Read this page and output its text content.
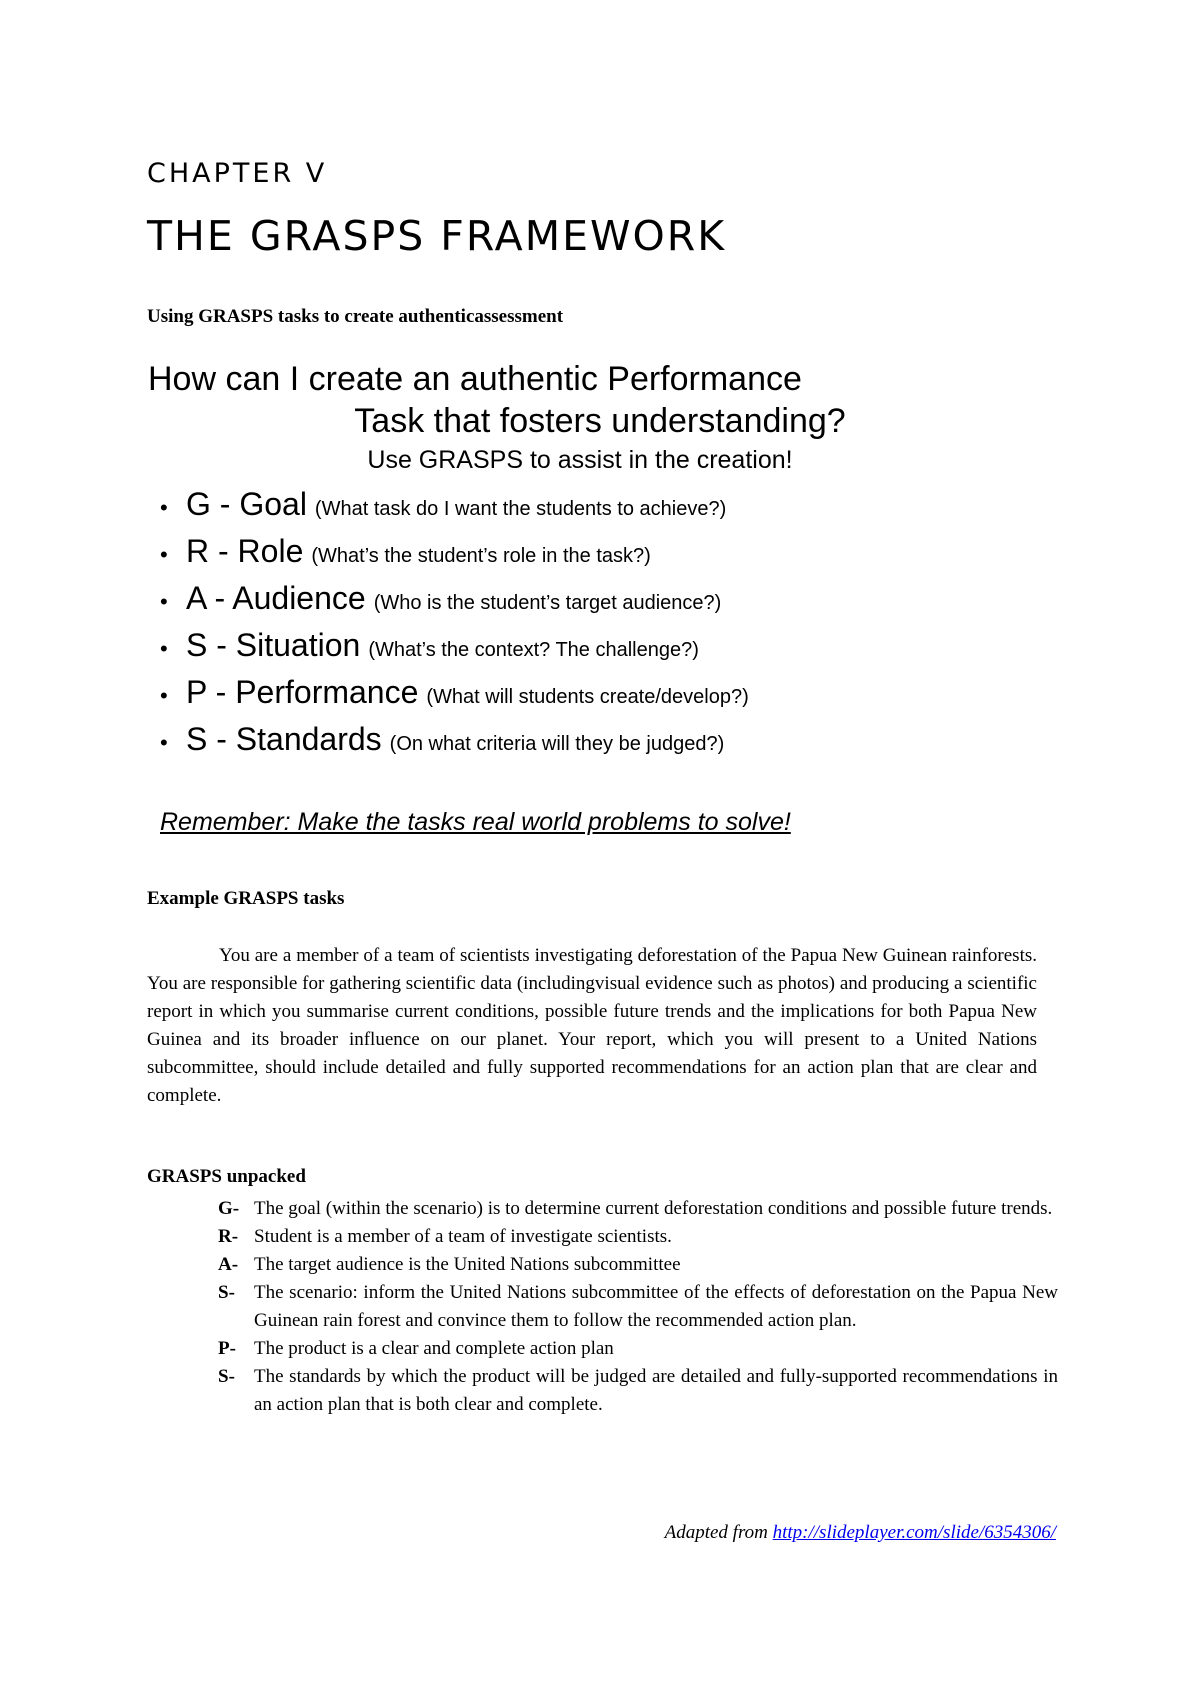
CHAPTER V
THE GRASPS FRAMEWORK
Using GRASPS tasks to create authenticassessment

How can I create an authentic Performance

Task that fosters understanding?

Use GRASPS to assist in the creation!

• G - Goal (What task do I want the students to achieve?)
• R - Role (What’s the student’s role in the task?)
• A - Audience (Who is the student’s target audience?)
• S - Situation (What’s the context? The challenge?)
• P - Performance (What will students create/develop?)
• S - Standards (On what criteria will they be judged?)
Remember: Make the tasks real world problems to solve!
Example GRASPS tasks

You are a member of a team of scientists investigating deforestation of the Papua New Guinean rainforests. You are responsible for gathering scientific data (includingvisual evidence such as photos) and producing a scientific report in which you summarise current conditions, possible future trends and the implications for both Papua New Guinea and its broader influence on our planet. Your report, which you will present to a United Nations subcommittee, should include detailed and fully supported recommendations for an action plan that are clear and complete.

GRASPS unpacked
G- The goal (within the scenario) is to determine current deforestation conditions and possible future trends.
R- Student is a member of a team of investigate scientists.
A- The target audience is the United Nations subcommittee
S-	The scenario: inform the United Nations subcommittee of the effects of deforestation on the Papua New Guinean rain forest and convince them to follow the recommended action plan.
P- The product is a clear and complete action plan
S-	The standards by which the product will be judged are detailed and fully-supported recommendations in an action plan that is both clear and complete.
Adapted from http://slideplayer.com/slide/6354306/
